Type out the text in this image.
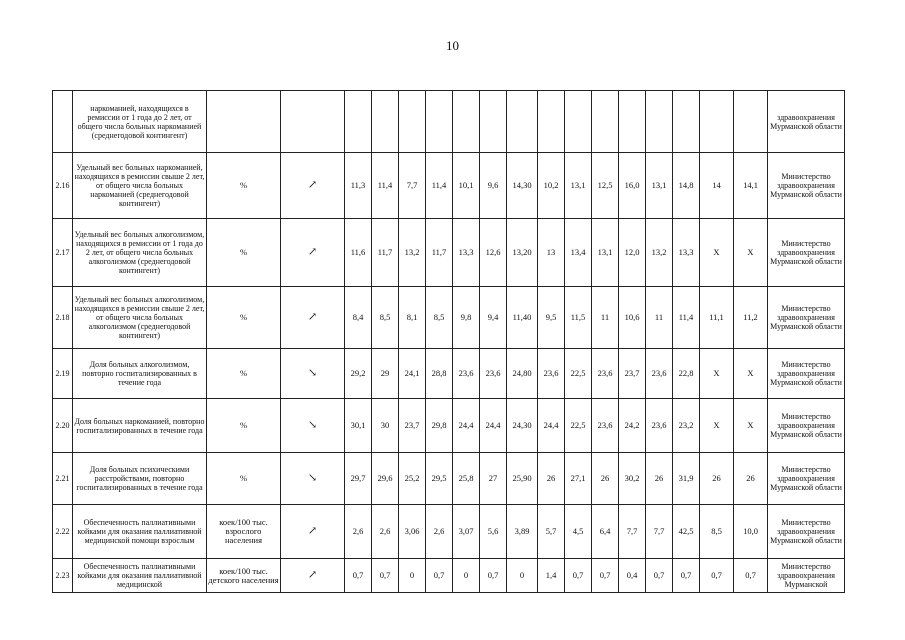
10
	наркоманией, находящихся в ремиссии от 1 года до 2 лет, от общего числа больных наркоманией (среднегодовой контингент)																		здравоохранения Мурманской области
2.16	Удельный вес больных наркоманией, находящихся в ремиссии свыше 2 лет, от общего числа больных наркоманией (среднегодовой контингент)	%	↗	11,3	11,4	7,7	11,4	10,1	9,6	14,30	10,2	13,1	12,5	16,0	13,1	14,8	14	14,1	Министерство здравоохранения Мурманской области
2.17	Удельный вес больных алкоголизмом, находящихся в ремиссии от 1 года до 2 лет, от общего числа больных алкоголизмом (среднегодовой контингент)	%	↗	11,6	11,7	13,2	11,7	13,3	12,6	13,20	13	13,4	13,1	12,0	13,2	13,3	X	X	Министерство здравоохранения Мурманской области
2.18	Удельный вес больных алкоголизмом, находящихся в ремиссии свыше 2 лет, от общего числа больных алкоголизмом (среднегодовой контингент)	%	↗	8,4	8,5	8,1	8,5	9,8	9,4	11,40	9,5	11,5	11	10,6	11	11,4	11,1	11,2	Министерство здравоохранения Мурманской области
2.19	Доля больных алкоголизмом, повторно госпитализированных в течение года	%	↘	29,2	29	24,1	28,8	23,6	23,6	24,80	23,6	22,5	23,6	23,7	23,6	22,8	X	X	Министерство здравоохранения Мурманской области
2.20	Доля больных наркоманией, повторно госпитализированных в течение года	%	↘	30,1	30	23,7	29,8	24,4	24,4	24,30	24,4	22,5	23,6	24,2	23,6	23,2	X	X	Министерство здравоохранения Мурманской области
2.21	Доля больных психическими расстройствами, повторно госпитализированных в течение года	%	↘	29,7	29,6	25,2	29,5	25,8	27	25,90	26	27,1	26	30,2	26	31,9	26	26	Министерство здравоохранения Мурманской области
2.22	Обеспеченность паллиативными койками для оказания паллиативной медицинской помощи взрослым	коек/100 тыс. взрослого населения	↗	2,6	2,6	3,06	2,6	3,07	5,6	3,89	5,7	4,5	6,4	7,7	7,7	42,5	8,5	10,0	Министерство здравоохранения Мурманской области
2.23	Обеспеченность паллиативными койками для оказания паллиативной медицинской	коек/100 тыс. детского населения	↗	0,7	0,7	0	0,7	0	0,7	0	1,4	0,7	0,7	0,4	0,7	0,7	0,7	0,7	Министерство здравоохранения Мурманской
